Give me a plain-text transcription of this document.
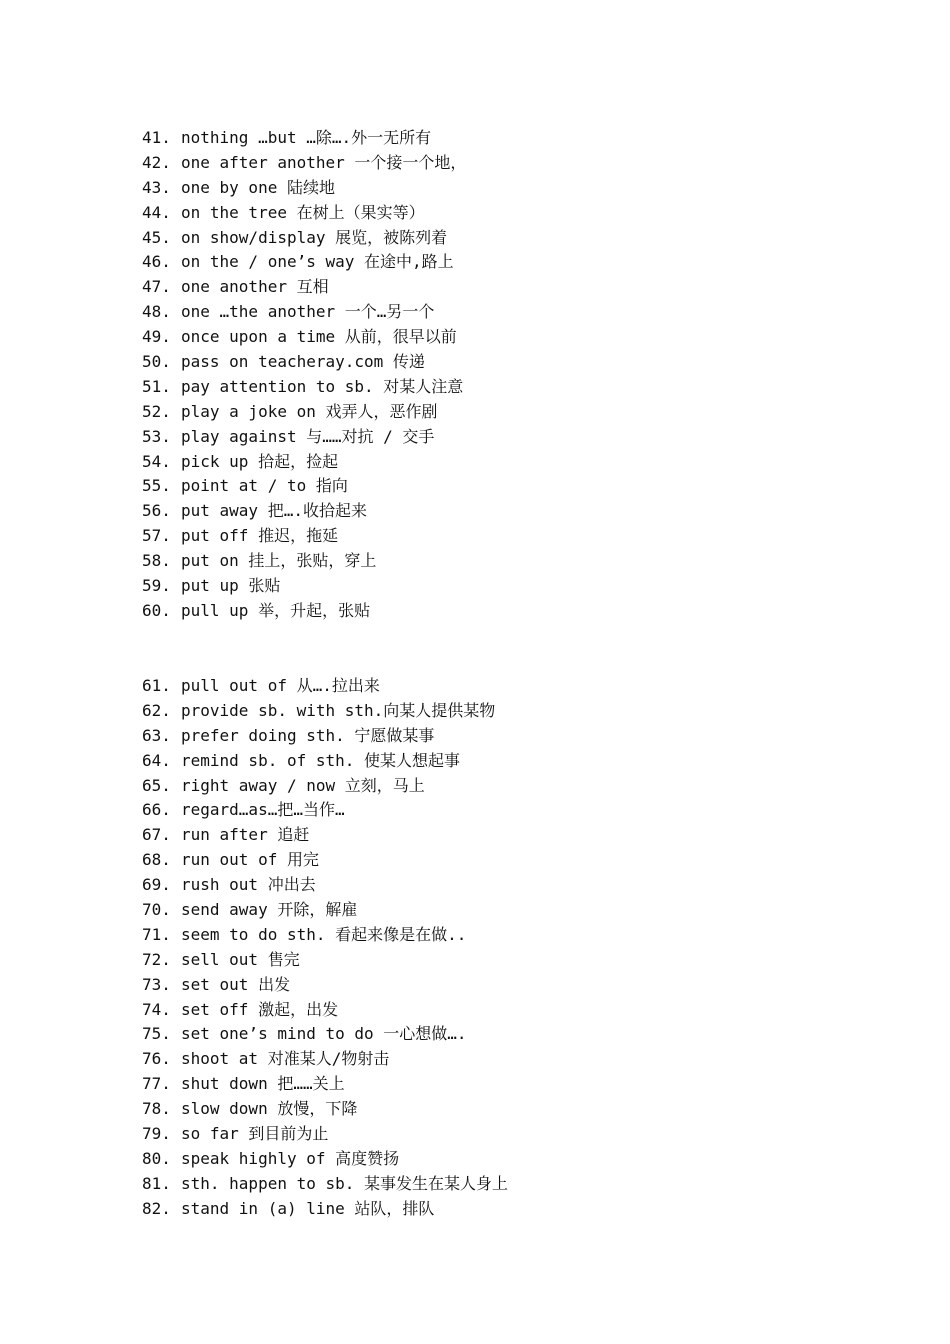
41. nothing …but …除….外一无所有
42. one after another 一个接一个地，
43. one by one 陆续地
44. on the tree 在树上（果实等）
45. on show/display 展览，被陈列着
46. on the / one’s way 在途中,路上
47. one another 互相
48. one …the another 一个…另一个
49. once upon a time 从前，很早以前
50. pass on teacheray.com 传递
51. pay attention to sb. 对某人注意
52. play a joke on 戏弄人，恶作剧
53. play against 与……对抗 / 交手
54. pick up 拾起，捡起
55. point at / to 指向
56. put away 把….收拾起来
57. put off 推迟，拖延
58. put on 挂上，张贴，穿上
59. put up 张贴
60. pull up 举，升起，张贴
61. pull out of 从….拉出来
62. provide sb. with sth.向某人提供某物
63. prefer doing sth. 宁愿做某事
64. remind sb. of sth. 使某人想起事
65. right away / now 立刻，马上
66. regard…as…把…当作…
67. run after 追赶
68. run out of 用完
69. rush out 冲出去
70. send away 开除，解雇
71. seem to do sth. 看起来像是在做..
72. sell out 售完
73. set out 出发
74. set off 激起，出发
75. set one’s mind to do 一心想做….
76. shoot at 对准某人/物射击
77. shut down 把……关上
78. slow down 放慢，下降
79. so far 到目前为止
80. speak highly of 高度赞扬
81. sth. happen to sb. 某事发生在某人身上
82. stand in (a) line 站队，排队
